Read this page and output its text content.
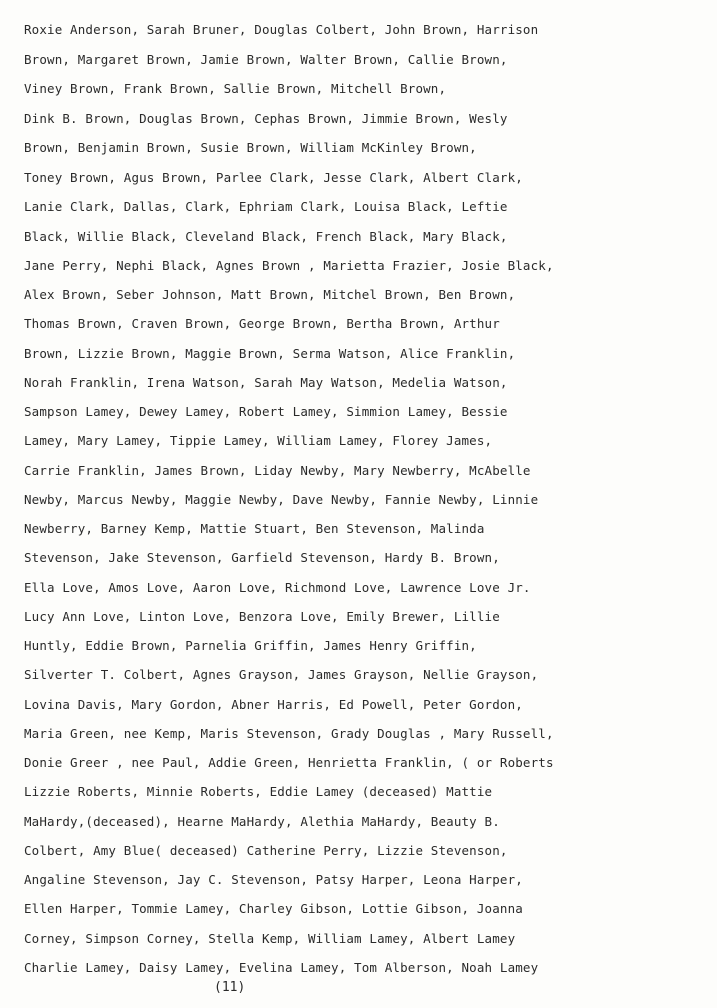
Roxie Anderson, Sarah Bruner, Douglas Colbert, John Brown, Harrison
Brown, Margaret Brown, Jamie Brown, Walter Brown, Callie Brown,
Viney Brown, Frank Brown, Sallie Brown, Mitchell Brown,
Dink B. Brown, Douglas Brown, Cephas Brown, Jimmie Brown, Wesly
Brown, Benjamin Brown, Susie Brown, William McKinley Brown,
Toney Brown, Agus Brown, Parlee Clark, Jesse Clark, Albert Clark,
Lanie Clark, Dallas, Clark, Ephriam Clark, Louisa Black, Leftie
Black, Willie Black, Cleveland Black, French Black, Mary Black,
Jane Perry, Nephi Black, Agnes Brown , Marietta Frazier, Josie Black,
Alex Brown, Seber Johnson, Matt Brown, Mitchel Brown, Ben Brown,
Thomas Brown, Craven Brown, George Brown, Bertha Brown, Arthur
Brown, Lizzie Brown, Maggie Brown, Serma Watson, Alice Franklin,
Norah Franklin, Irena Watson, Sarah May Watson, Medelia Watson,
Sampson Lamey, Dewey Lamey, Robert Lamey, Simmion Lamey, Bessie
Lamey, Mary Lamey, Tippie Lamey, William Lamey, Florey James,
Carrie Franklin, James Brown, Liday Newby, Mary Newberry, McAbelle
Newby, Marcus Newby, Maggie Newby, Dave Newby, Fannie Newby, Linnie
Newberry, Barney Kemp, Mattie Stuart, Ben Stevenson, Malinda
Stevenson, Jake Stevenson, Garfield Stevenson, Hardy B. Brown,
Ella Love, Amos Love, Aaron Love, Richmond Love, Lawrence Love Jr.
Lucy Ann Love, Linton Love, Benzora Love, Emily Brewer, Lillie
Huntly, Eddie Brown, Parnelia Griffin, James Henry Griffin,
Silverter T. Colbert, Agnes Grayson, James Grayson, Nellie Grayson,
Lovina Davis, Mary Gordon, Abner Harris, Ed Powell, Peter Gordon,
Maria Green, nee Kemp, Maris Stevenson, Grady Douglas , Mary Russell,
Donie Greer , nee Paul, Addie Green, Henrietta Franklin, ( or Roberts
Lizzie Roberts, Minnie Roberts, Eddie Lamey (deceased) Mattie
MaHardy,(deceased), Hearne MaHardy, Alethia MaHardy, Beauty B.
Colbert, Amy Blue( deceased) Catherine Perry, Lizzie Stevenson,
Angaline Stevenson, Jay C. Stevenson, Patsy Harper, Leona Harper,
Ellen Harper, Tommie Lamey, Charley Gibson, Lottie Gibson, Joanna
Corney, Simpson Corney, Stella Kemp, William Lamey, Albert Lamey
Charlie Lamey, Daisy Lamey, Evelina Lamey, Tom Alberson, Noah Lamey
(11)
